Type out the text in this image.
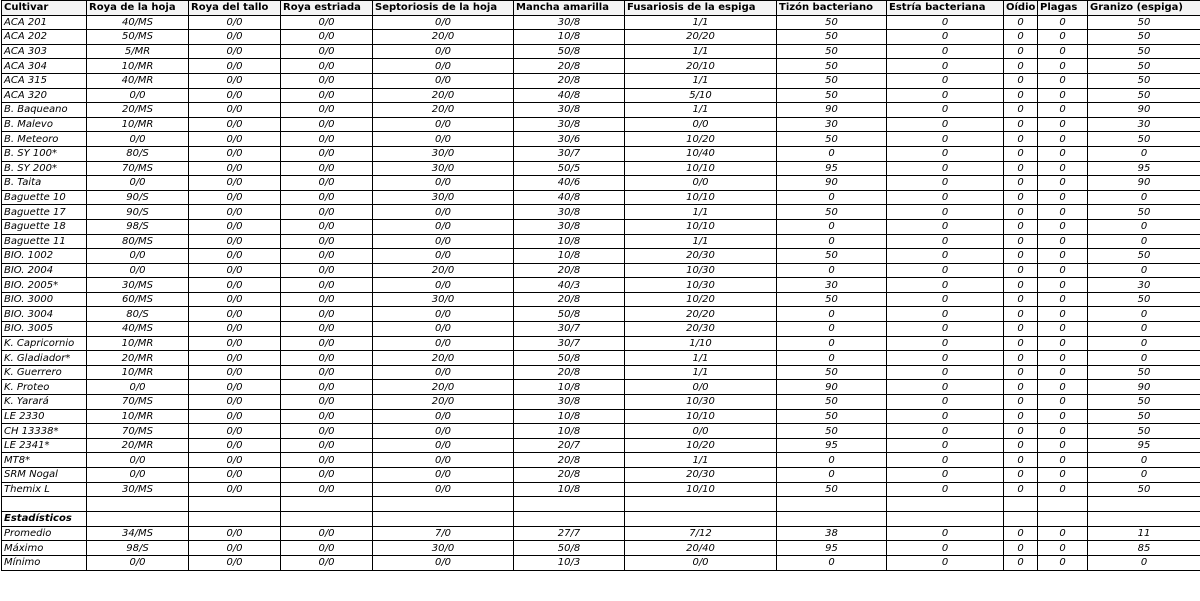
Cultivar	Roya de la hoja	Roya del tallo	Roya estriada	Septoriosis de la hoja	Mancha amarilla	Fusariosis de la espiga	Tizón bacteriano	Estría bacteriana	Oídio	Plagas	Granizo (espiga)
ACA 201	40/MS	0/0	0/0	0/0	30/8	1/1	50	0	0	0	50
ACA 202	50/MS	0/0	0/0	20/0	10/8	20/20	50	0	0	0	50
ACA 303	5/MR	0/0	0/0	0/0	50/8	1/1	50	0	0	0	50
ACA 304	10/MR	0/0	0/0	0/0	20/8	20/10	50	0	0	0	50
ACA 315	40/MR	0/0	0/0	0/0	20/8	1/1	50	0	0	0	50
ACA 320	0/0	0/0	0/0	20/0	40/8	5/10	50	0	0	0	50
B. Baqueano	20/MS	0/0	0/0	20/0	30/8	1/1	90	0	0	0	90
B. Malevo	10/MR	0/0	0/0	0/0	30/8	0/0	30	0	0	0	30
B. Meteoro	0/0	0/0	0/0	0/0	30/6	10/20	50	0	0	0	50
B. SY 100*	80/S	0/0	0/0	30/0	30/7	10/40	0	0	0	0	0
B. SY 200*	70/MS	0/0	0/0	30/0	50/5	10/10	95	0	0	0	95
B. Taita	0/0	0/0	0/0	0/0	40/6	0/0	90	0	0	0	90
Baguette 10	90/S	0/0	0/0	30/0	40/8	10/10	0	0	0	0	0
Baguette 17	90/S	0/0	0/0	0/0	30/8	1/1	50	0	0	0	50
Baguette 18	98/S	0/0	0/0	0/0	30/8	10/10	0	0	0	0	0
Baguette 11	80/MS	0/0	0/0	0/0	10/8	1/1	0	0	0	0	0
BIO. 1002	0/0	0/0	0/0	0/0	10/8	20/30	50	0	0	0	50
BIO. 2004	0/0	0/0	0/0	20/0	20/8	10/30	0	0	0	0	0
BIO. 2005*	30/MS	0/0	0/0	0/0	40/3	10/30	30	0	0	0	30
BIO. 3000	60/MS	0/0	0/0	30/0	20/8	10/20	50	0	0	0	50
BIO. 3004	80/S	0/0	0/0	0/0	50/8	20/20	0	0	0	0	0
BIO. 3005	40/MS	0/0	0/0	0/0	30/7	20/30	0	0	0	0	0
K. Capricornio	10/MR	0/0	0/0	0/0	30/7	1/10	0	0	0	0	0
K. Gladiador*	20/MR	0/0	0/0	20/0	50/8	1/1	0	0	0	0	0
K. Guerrero	10/MR	0/0	0/0	0/0	20/8	1/1	50	0	0	0	50
K. Proteo	0/0	0/0	0/0	20/0	10/8	0/0	90	0	0	0	90
K. Yarará	70/MS	0/0	0/0	20/0	30/8	10/30	50	0	0	0	50
LE 2330	10/MR	0/0	0/0	0/0	10/8	10/10	50	0	0	0	50
CH 13338*	70/MS	0/0	0/0	0/0	10/8	0/0	50	0	0	0	50
LE 2341*	20/MR	0/0	0/0	0/0	20/7	10/20	95	0	0	0	95
MT8*	0/0	0/0	0/0	0/0	20/8	1/1	0	0	0	0	0
SRM Nogal	0/0	0/0	0/0	0/0	20/8	20/30	0	0	0	0	0
Themix L	30/MS	0/0	0/0	0/0	10/8	10/10	50	0	0	0	50

Estadísticos											
Promedio	34/MS	0/0	0/0	7/0	27/7	7/12	38	0	0	0	11
Máximo	98/S	0/0	0/0	30/0	50/8	20/40	95	0	0	0	85
Mínimo	0/0	0/0	0/0	0/0	10/3	0/0	0	0	0	0	0
